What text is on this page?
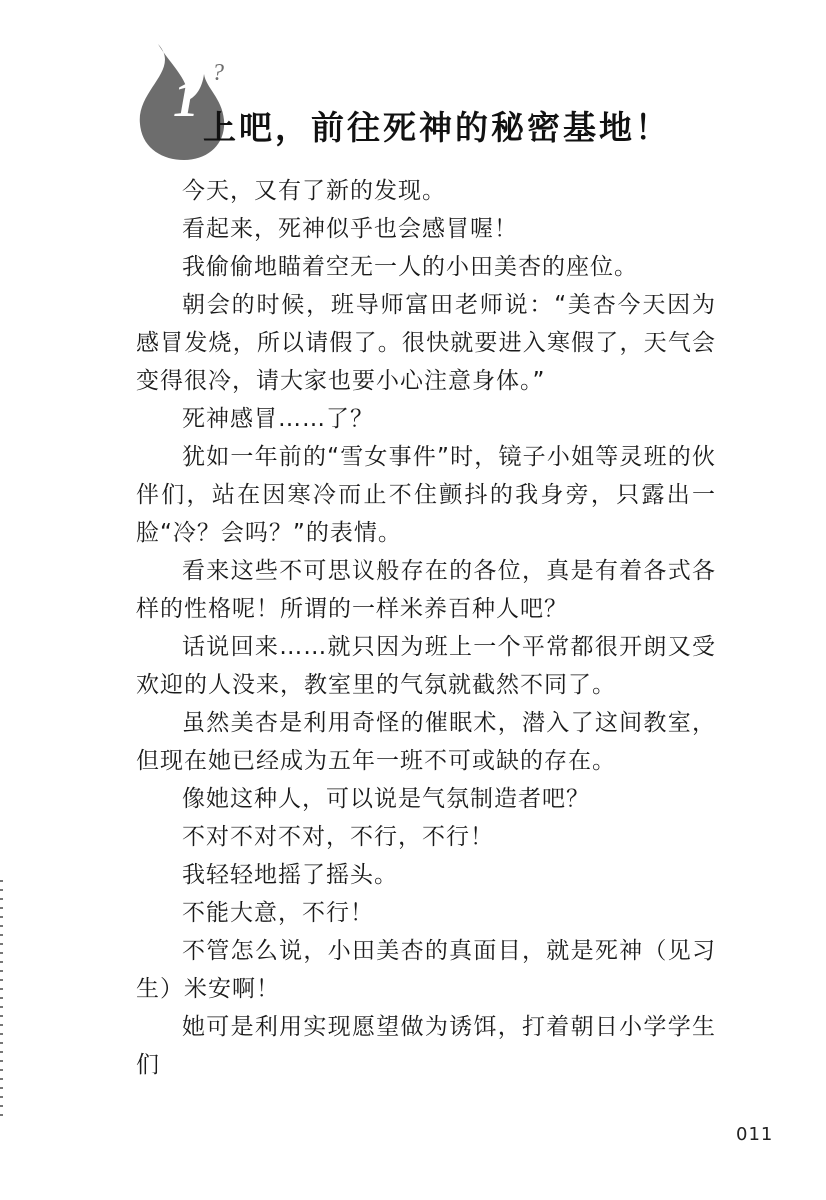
1 ?
上吧，前往死神的秘密基地！

今天，又有了新的发现。

看起来，死神似乎也会感冒喔！

我偷偷地瞄着空无一人的小田美杏的座位。

朝会的时候，班导师富田老师说：“美杏今天因为感冒发烧，所以请假了。很快就要进入寒假了，天气会变得很冷，请大家也要小心注意身体。”

死神感冒……了？

犹如一年前的“雪女事件”时，镜子小姐等灵班的伙伴们，站在因寒冷而止不住颤抖的我身旁，只露出一脸“冷？会吗？”的表情。

看来这些不可思议般存在的各位，真是有着各式各样的性格呢！所谓的一样米养百种人吧？

话说回来……就只因为班上一个平常都很开朗又受欢迎的人没来，教室里的气氛就截然不同了。

虽然美杏是利用奇怪的催眠术，潜入了这间教室，但现在她已经成为五年一班不可或缺的存在。

像她这种人，可以说是气氛制造者吧？

不对不对不对，不行，不行！

我轻轻地摇了摇头。

不能大意，不行！

不管怎么说，小田美杏的真面目，就是死神（见习生）米安啊！

她可是利用实现愿望做为诱饵，打着朝日小学学生们

011
